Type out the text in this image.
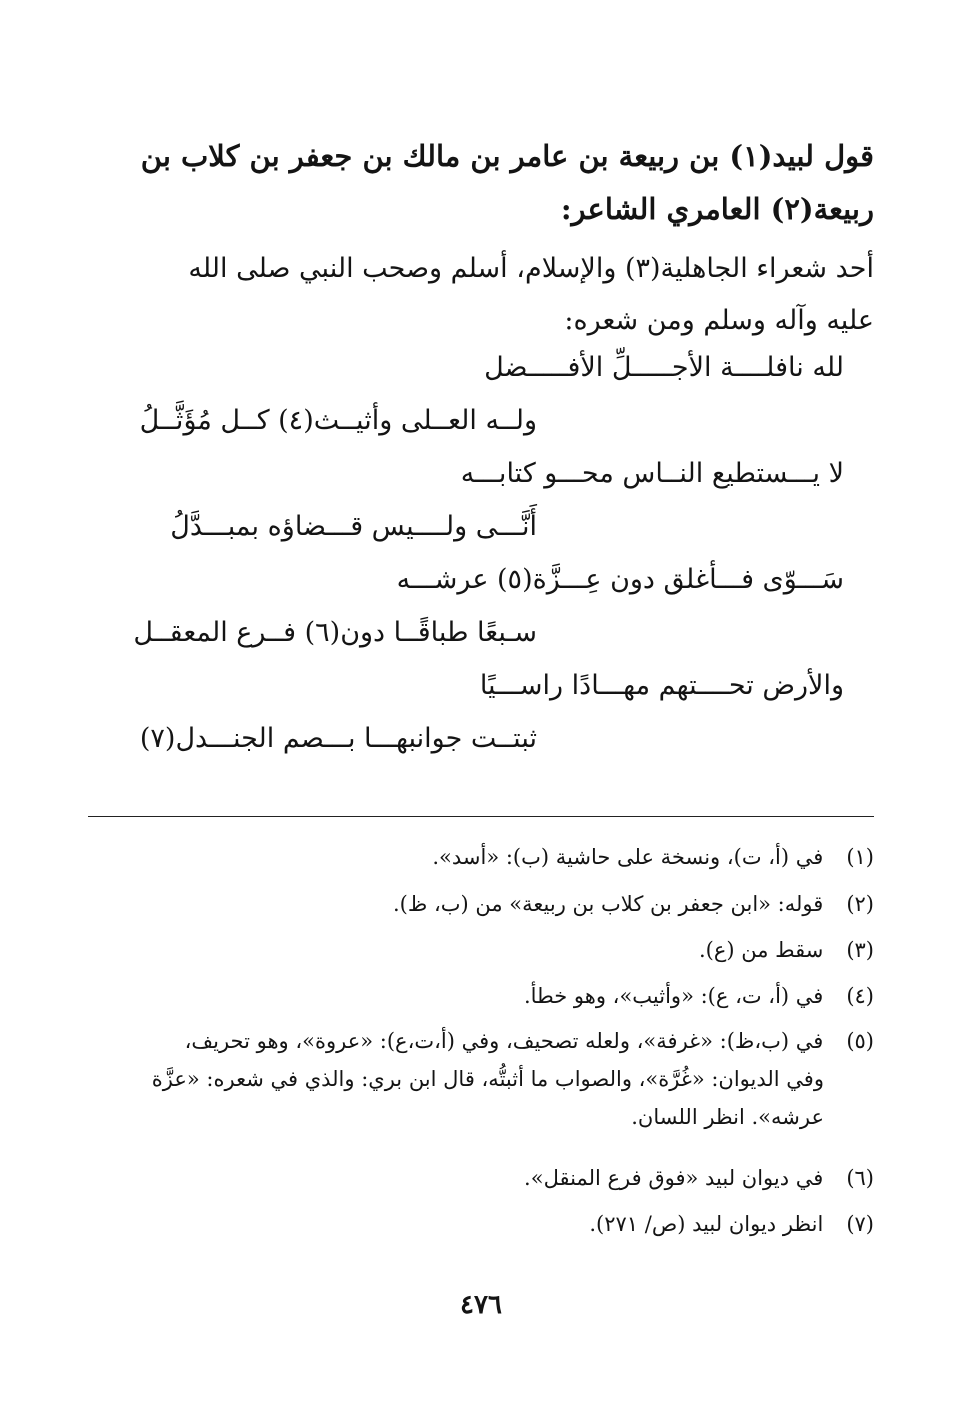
قول لبيد(١) بن ربيعة بن عامر بن مالك بن جعفر بن كلاب بن
ربيعة(٢) العامري الشاعر:
أحد شعراء الجاهلية(٣) والإسلام، أسلم وصحب النبي صلى الله
عليه وآله وسلم ومن شعره:
لله نافلــــة الأجـــــلِّ الأفـــــضل
ولــه العــلى وأثيــث(٤) كــل مُؤَثَّــلُ
لا يـــستطيع النــاس محـــو كتابـــه
أَنَّـــى ولــــيس قـــضاؤه بمبـــدَّلُ
سَـــوّى فـــأغلق دون عِـــزَّة(٥) عرشـــه
سـبعًا طباقًــا دون(٦) فــرع المعقــل
والأرض تحــــتهم مهـــادًا راســـيًا
ثبتــت جوانبهـــا بـــصم الجنـــدل(٧)
(١) في (أ، ت)، ونسخة على حاشية (ب): «أسد».
(٢) قوله: «ابن جعفر بن كلاب بن ربيعة» من (ب، ظ).
(٣) سقط من (ع).
(٤) في (أ، ت، ع): «وأثيب»، وهو خطأ.
(٥) في (ب،ظ): «غرفة»، ولعله تصحيف، وفي (أ،ت،ع): «عروة»، وهو تحريف،
وفي الديوان: «غُرَّة»، والصواب ما أثبتُّه، قال ابن بري: والذي في شعره: «عزَّة
عرشه». انظر اللسان.
(٦) في ديوان لبيد «فوق فرع المنقل».
(٧) انظر ديوان لبيد (ص/ ٢٧١).
٤٧٦
